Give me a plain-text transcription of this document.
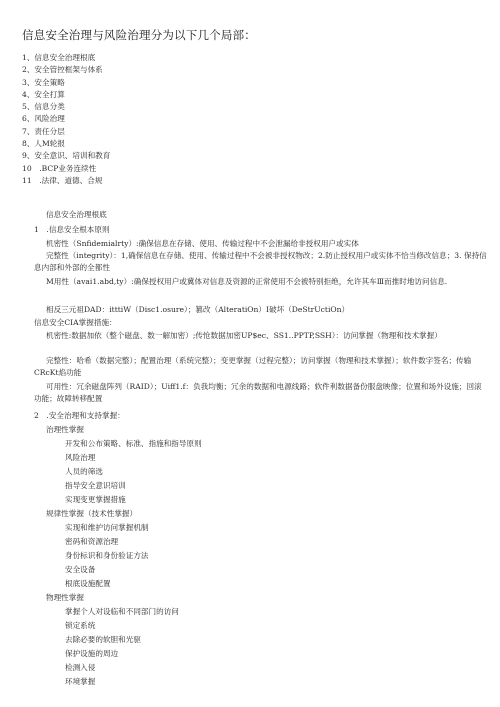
信息安全治理与风险治理分为以下几个局部：
1、信息安全治理根底
2、安全管控框架与体系
3、安全策略
4、安全打算
5、信息分类
6、风险治理
7、责任分层
8、人M轮报
9、安全意识、培训和教育
10　.BCP业务连续性
11　.法律、道德、合规
信息安全治理根底
1　.信息安全根本原则
机密性（Snfidemialrty）:确保信息在存储、使用、传输过程中不会泄漏给非授权用户或实体
完整性（integrity）：1,确保信息在存储、使用、传输过程中不会被非授权物改；2.防止授权用户或实体不恰当修改信息；3. 保持信息内部和外部的全都性
M用性（avai1.abd,ty）:确保授权用户或冀体对信息及资源的正常使用不会被特别拒绝，允许其车Ⅲ而推时地访问信息.
相反三元祖DAD：itttiW（Disc1.osure）；篡改（AlteratiOn）I破坏（DeStrUctiOn）
信息安全CIA掌握措施：
机密性:数据加依（整个磁盘、数一解加密）;传怆数据加密UP$ec、SS1..PPTP,SSH）：访问掌握（物理和技术掌握）
完整性：哈希（数据完整）；配置治理（系统完整）；变更掌握（过程完整）；访问掌握（物理和技术掌握）；软件数字签名；传输CRcKt焰功能
可用性：冗余磁盘阵列（RAID）；Uiff1.f：负我均衡；冗余的数据和电源线路；软件利数据备份服盘映像；位置和场外设施；回滚功能；故障转移配置
2　.安全治理和支持掌握：
治理性掌握
开发和公布策略、标准、指施和指导原则
风险治理
人员的筛选
指导安全意识培训
实现变更掌握措施
规律性掌握（技术性掌握）
实现和维护访问掌握机制
密码和资源治理
身份标识和身份验证方法
安全设备
根底设施配置
物理性掌握
掌握个人对设临和不同部门的访问
锁定系统
去除必要的软胆和光驱
保护设施的周边
检测入侵
环境掌握
